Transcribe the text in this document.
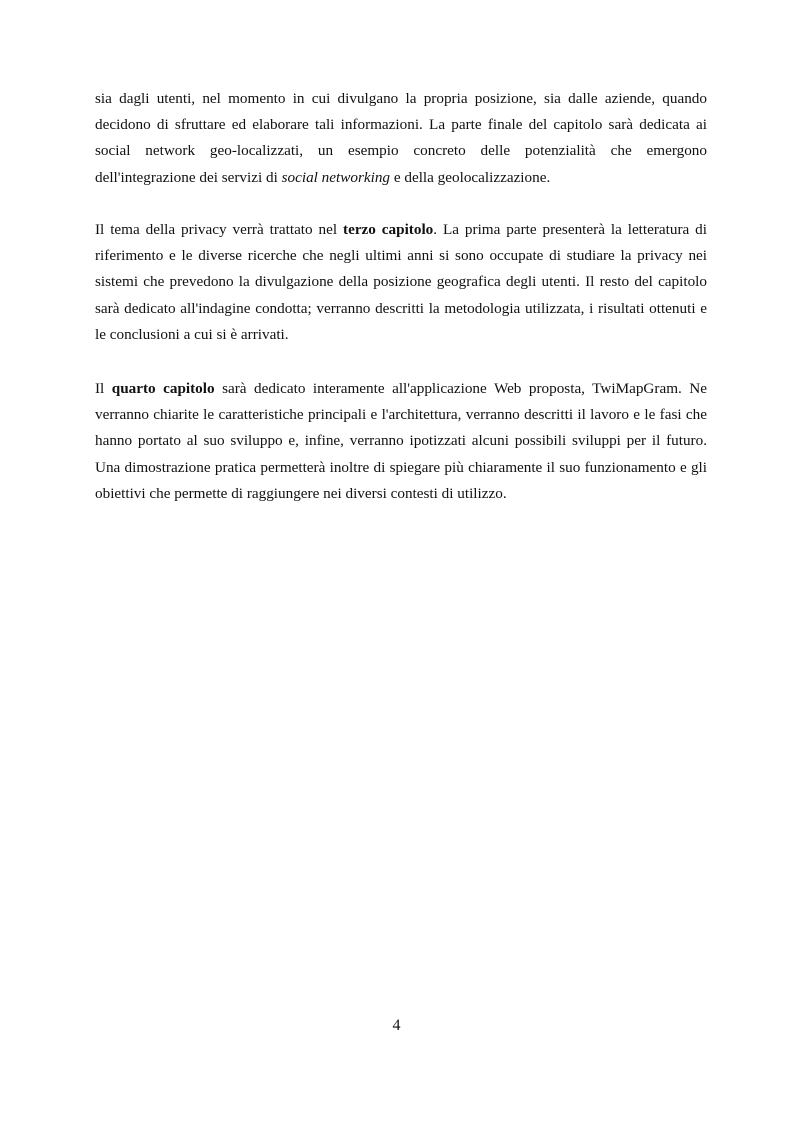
sia dagli utenti, nel momento in cui divulgano la propria posizione, sia dalle aziende, quando decidono di sfruttare ed elaborare tali informazioni. La parte finale del capitolo sarà dedicata ai social network geo-localizzati, un esempio concreto delle potenzialità che emergono dell'integrazione dei servizi di social networking e della geolocalizzazione.

Il tema della privacy verrà trattato nel terzo capitolo. La prima parte presenterà la letteratura di riferimento e le diverse ricerche che negli ultimi anni si sono occupate di studiare la privacy nei sistemi che prevedono la divulgazione della posizione geografica degli utenti. Il resto del capitolo sarà dedicato all'indagine condotta; verranno descritti la metodologia utilizzata, i risultati ottenuti e le conclusioni a cui si è arrivati.

Il quarto capitolo sarà dedicato interamente all'applicazione Web proposta, TwiMapGram. Ne verranno chiarite le caratteristiche principali e l'architettura, verranno descritti il lavoro e le fasi che hanno portato al suo sviluppo e, infine, verranno ipotizzati alcuni possibili sviluppi per il futuro. Una dimostrazione pratica permetterà inoltre di spiegare più chiaramente il suo funzionamento e gli obiettivi che permette di raggiungere nei diversi contesti di utilizzo.

4
